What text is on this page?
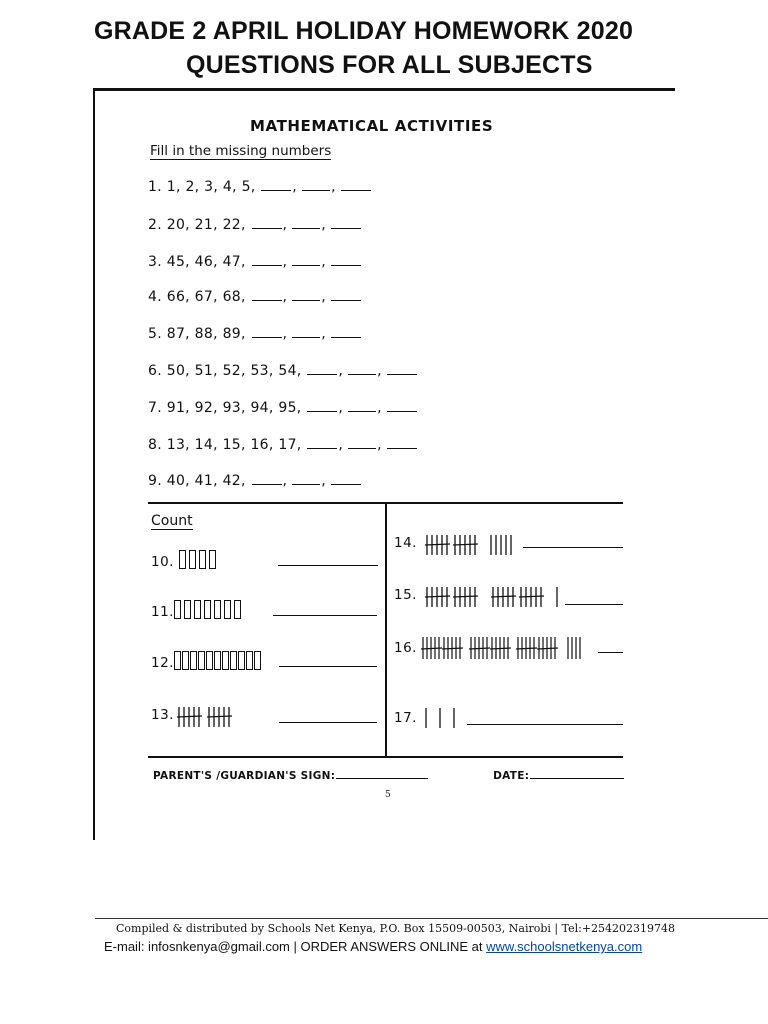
GRADE 2 APRIL HOLIDAY HOMEWORK 2020
QUESTIONS FOR ALL SUBJECTS
MATHEMATICAL ACTIVITIES
Fill in the missing numbers
1. 1, 2, 3, 4, 5,	, ,
2. 20, 21, 22,	, ,
3. 45, 46, 47,	, ,
4. 66, 67, 68,	, ,
5. 87, 88, 89,	, ,
6. 50, 51, 52, 53, 54,	, ,
7. 91, 92, 93, 94, 95,	, ,
8. 13, 14, 15, 16, 17,	, ,
9. 40, 41, 42,	, ,
Count
10.
11.
12.
13.
14.
15.
16.
17.
PARENT'S /GUARDIAN'S SIGN:	DATE:
5
Compiled & distributed by Schools Net Kenya, P.O. Box 15509-00503, Nairobi | Tel:+254202319748
E-mail: infosnkenya@gmail.com | ORDER ANSWERS ONLINE at www.schoolsnetkenya.com
